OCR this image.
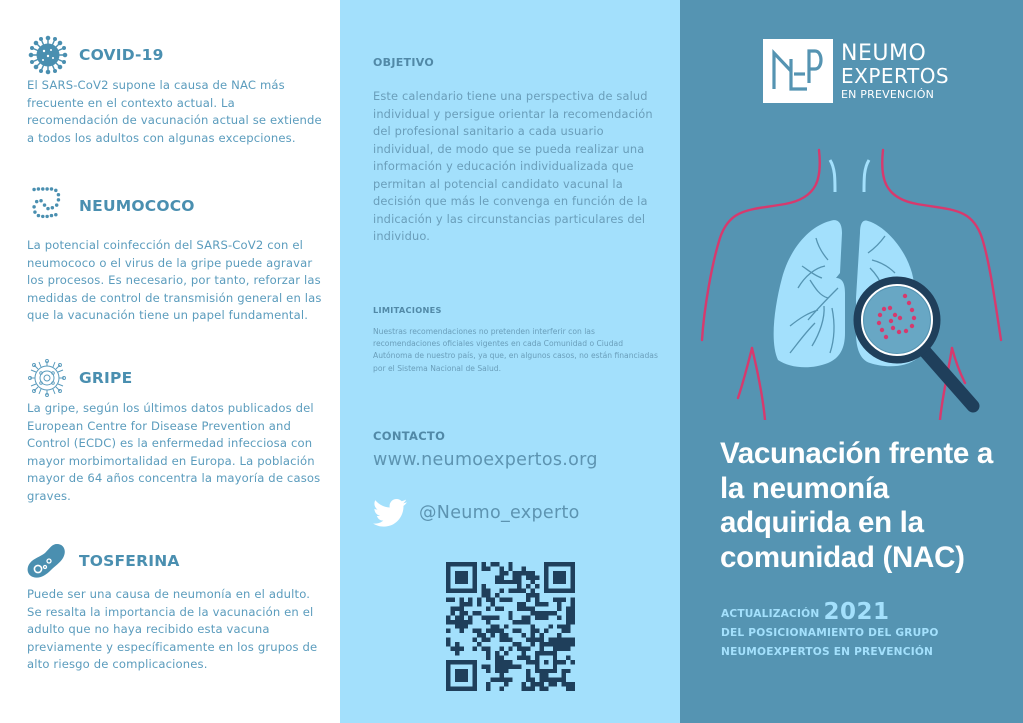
COVID-19
El SARS-CoV2 supone la causa de NAC más frecuente en el contexto actual. La recomendación de vacunación actual se extiende a todos los adultos con algunas excepciones.
NEUMOCOCO
La potencial coinfección del SARS-CoV2 con el neumococo o el virus de la gripe puede agravar los procesos. Es necesario, por tanto, reforzar las medidas de control de transmisión general en las que la vacunación tiene un papel fundamental.
GRIPE
La gripe, según los últimos datos publicados del European Centre for Disease Prevention and Control (ECDC) es la enfermedad infecciosa con mayor morbimortalidad en Europa. La población mayor de 64 años concentra la mayoría de casos graves.
TOSFERINA
Puede ser una causa de neumonía en el adulto. Se resalta la importancia de la vacunación en el adulto que no haya recibido esta vacuna previamente y específicamente en los grupos de alto riesgo de complicaciones.
OBJETIVO
Este calendario tiene una perspectiva de salud individual y persigue orientar la recomendación del profesional sanitario a cada usuario individual, de modo que se pueda realizar una información y educación individualizada que permitan al potencial candidato vacunal la decisión que más le convenga en función de la indicación y las circunstancias particulares del individuo.
LIMITACIONES
Nuestras recomendaciones no pretenden interferir con las recomendaciones oficiales vigentes en cada Comunidad o Ciudad Autónoma de nuestro país, ya que, en algunos casos, no están financiadas por el Sistema Nacional de Salud.
CONTACTO
www.neumoexpertos.org
@Neumo_experto
NEUMO
EXPERTOS
EN PREVENCIÓN
Vacunación frente a la neumonía adquirida en la comunidad (NAC)
ACTUALIZACIÓN 2021
DEL POSICIONAMIENTO DEL GRUPO
NEUMOEXPERTOS EN PREVENCIÓN
